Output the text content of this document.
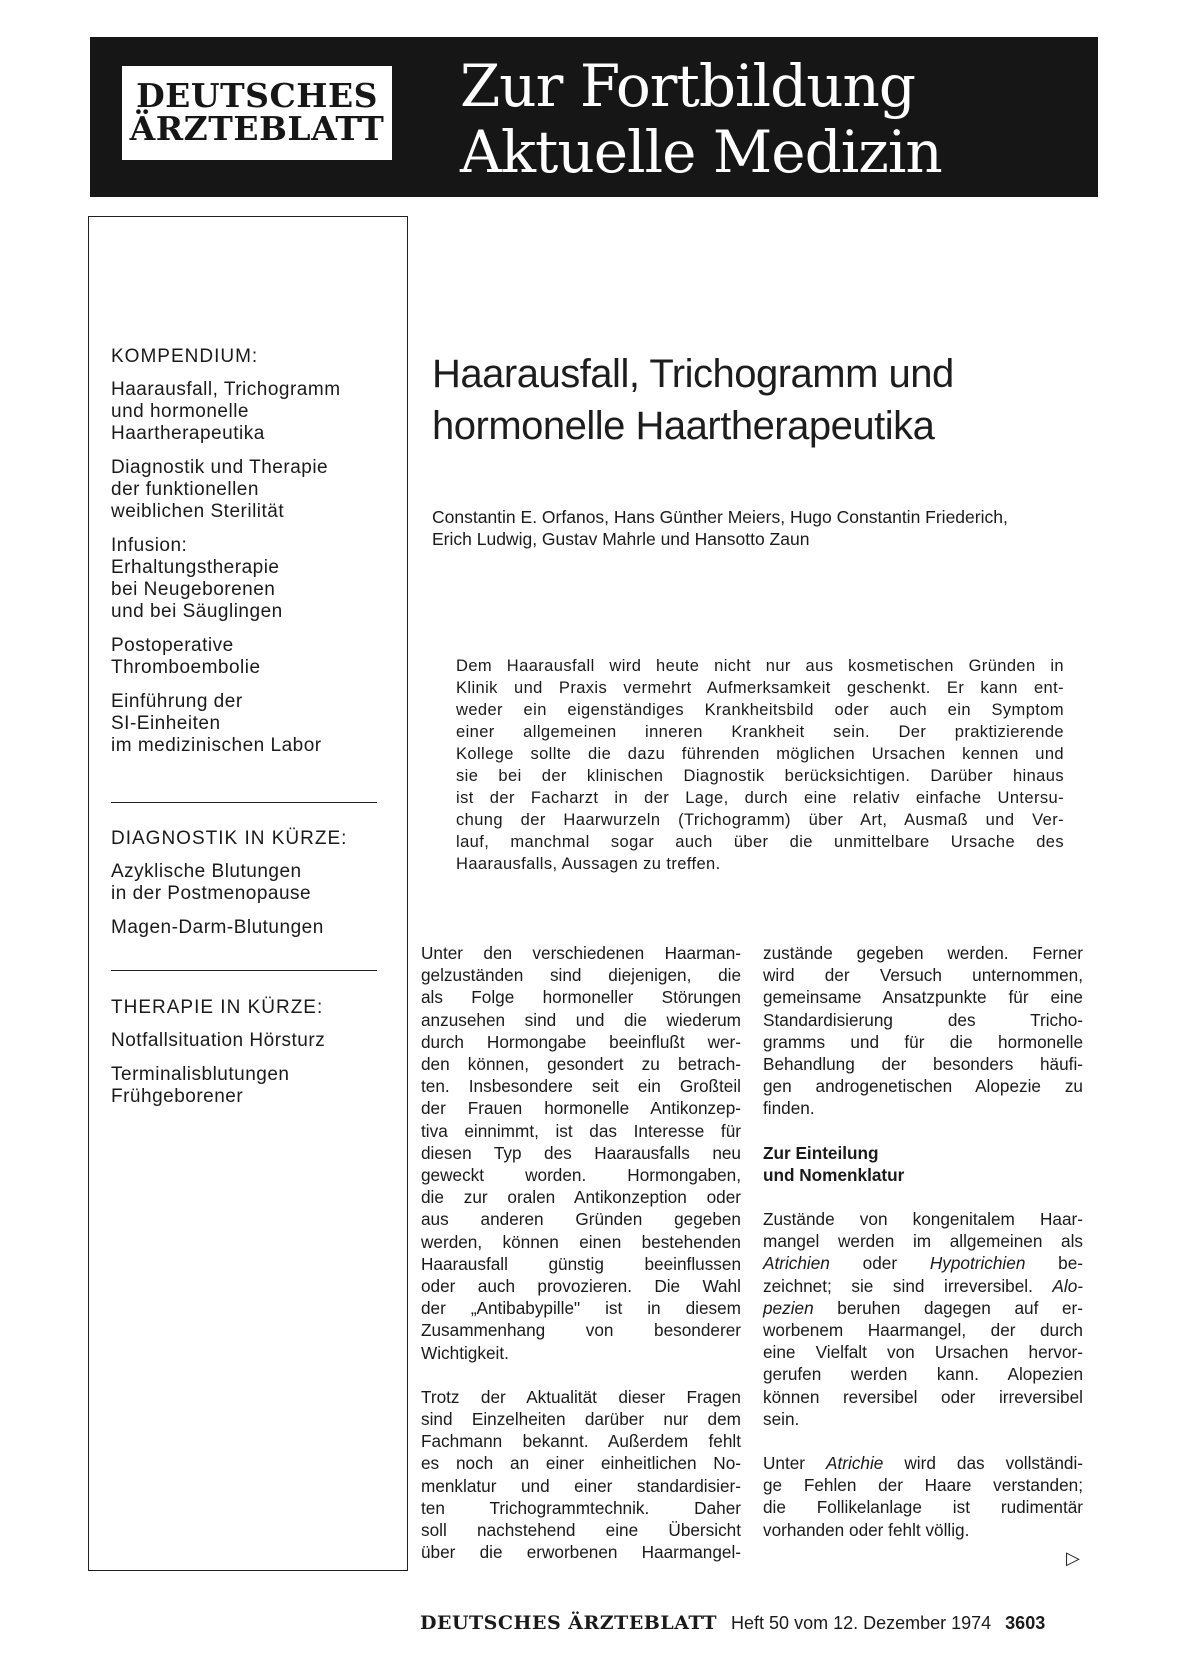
DEUTSCHES
ÄRZTEBLATT
Zur Fortbildung
Aktuelle Medizin
KOMPENDIUM:
Haarausfall, Trichogramm
und hormonelle
Haartherapeutika
Diagnostik und Therapie
der funktionellen
weiblichen Sterilität
Infusion:
Erhaltungstherapie
bei Neugeborenen
und bei Säuglingen
Postoperative
Thromboembolie
Einführung der
SI-Einheiten
im medizinischen Labor
DIAGNOSTIK IN KÜRZE:
Azyklische Blutungen
in der Postmenopause
Magen-Darm-Blutungen
THERAPIE IN KÜRZE:
Notfallsituation Hörsturz
Terminalisblutungen
Frühgeborener
Haarausfall, Trichogramm und
hormonelle Haartherapeutika
Constantin E. Orfanos, Hans Günther Meiers, Hugo Constantin Friederich,
Erich Ludwig, Gustav Mahrle und Hansotto Zaun
Dem Haarausfall wird heute nicht nur aus kosmetischen Gründen in
Klinik und Praxis vermehrt Aufmerksamkeit geschenkt. Er kann ent-
weder ein eigenständiges Krankheitsbild oder auch ein Symptom
einer allgemeinen inneren Krankheit sein. Der praktizierende
Kollege sollte die dazu führenden möglichen Ursachen kennen und
sie bei der klinischen Diagnostik berücksichtigen. Darüber hinaus
ist der Facharzt in der Lage, durch eine relativ einfache Untersu-
chung der Haarwurzeln (Trichogramm) über Art, Ausmaß und Ver-
lauf, manchmal sogar auch über die unmittelbare Ursache des
Haarausfalls, Aussagen zu treffen.
Unter den verschiedenen Haarman-
gelzuständen sind diejenigen, die
als Folge hormoneller Störungen
anzusehen sind und die wiederum
durch Hormongabe beeinflußt wer-
den können, gesondert zu betrach-
ten. Insbesondere seit ein Großteil
der Frauen hormonelle Antikonzep-
tiva einnimmt, ist das Interesse für
diesen Typ des Haarausfalls neu
geweckt worden. Hormongaben,
die zur oralen Antikonzeption oder
aus anderen Gründen gegeben
werden, können einen bestehenden
Haarausfall günstig beeinflussen
oder auch provozieren. Die Wahl
der „Antibabypille" ist in diesem
Zusammenhang von besonderer
Wichtigkeit.
Trotz der Aktualität dieser Fragen
sind Einzelheiten darüber nur dem
Fachmann bekannt. Außerdem fehlt
es noch an einer einheitlichen No-
menklatur und einer standardisier-
ten Trichogrammtechnik. Daher
soll nachstehend eine Übersicht
über die erworbenen Haarmangel-
zustände gegeben werden. Ferner
wird der Versuch unternommen,
gemeinsame Ansatzpunkte für eine
Standardisierung des Tricho-
gramms und für die hormonelle
Behandlung der besonders häufi-
gen androgenetischen Alopezie zu
finden.
Zur Einteilung
und Nomenklatur
Zustände von kongenitalem Haar-
mangel werden im allgemeinen als
Atrichien oder Hypotrichien be-
zeichnet; sie sind irreversibel. Alo-
pezien beruhen dagegen auf er-
worbenem Haarmangel, der durch
eine Vielfalt von Ursachen hervor-
gerufen werden kann. Alopezien
können reversibel oder irreversibel
sein.
Unter Atrichie wird das vollständi-
ge Fehlen der Haare verstanden;
die Follikelanlage ist rudimentär
vorhanden oder fehlt völlig.
▷
DEUTSCHES ÄRZTEBLATT Heft 50 vom 12. Dezember 1974 3603
